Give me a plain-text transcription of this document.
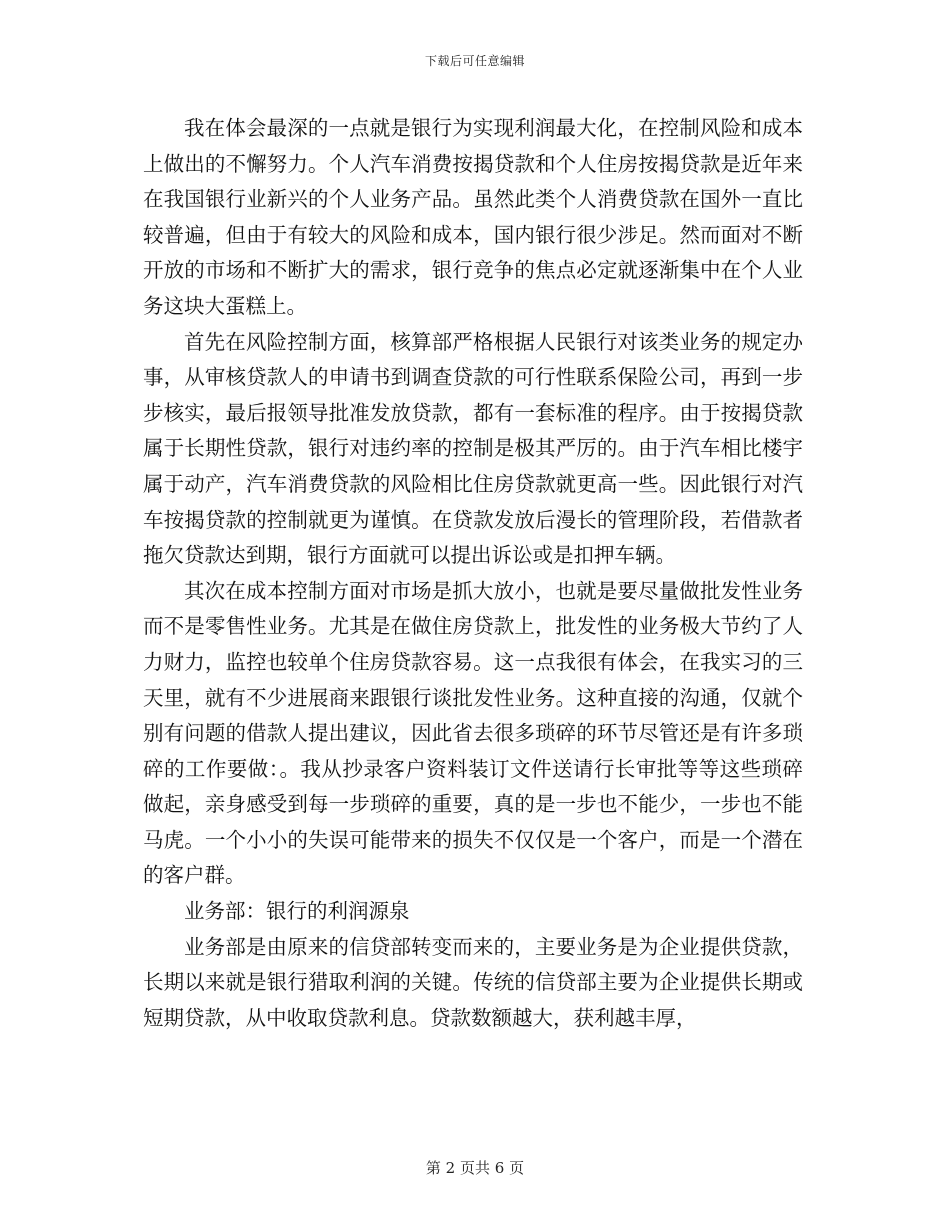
下载后可任意编辑

我在体会最深的一点就是银行为实现利润最大化，在控制风险和成本上做出的不懈努力。个人汽车消费按揭贷款和个人住房按揭贷款是近年来在我国银行业新兴的个人业务产品。虽然此类个人消费贷款在国外一直比较普遍，但由于有较大的风险和成本，国内银行很少涉足。然而面对不断开放的市场和不断扩大的需求，银行竞争的焦点必定就逐渐集中在个人业务这块大蛋糕上。

首先在风险控制方面，核算部严格根据人民银行对该类业务的规定办事，从审核贷款人的申请书到调查贷款的可行性联系保险公司，再到一步步核实，最后报领导批准发放贷款，都有一套标准的程序。由于按揭贷款属于长期性贷款，银行对违约率的控制是极其严厉的。由于汽车相比楼宇属于动产，汽车消费贷款的风险相比住房贷款就更高一些。因此银行对汽车按揭贷款的控制就更为谨慎。在贷款发放后漫长的管理阶段，若借款者拖欠贷款达到期，银行方面就可以提出诉讼或是扣押车辆。

其次在成本控制方面对市场是抓大放小，也就是要尽量做批发性业务而不是零售性业务。尤其是在做住房贷款上，批发性的业务极大节约了人力财力，监控也较单个住房贷款容易。这一点我很有体会，在我实习的三天里，就有不少进展商来跟银行谈批发性业务。这种直接的沟通，仅就个别有问题的借款人提出建议，因此省去很多琐碎的环节尽管还是有许多琐碎的工作要做：。我从抄录客户资料装订文件送请行长审批等等这些琐碎做起，亲身感受到每一步琐碎的重要，真的是一步也不能少，一步也不能马虎。一个小小的失误可能带来的损失不仅仅是一个客户，而是一个潜在的客户群。

业务部：银行的利润源泉

业务部是由原来的信贷部转变而来的，主要业务是为企业提供贷款，长期以来就是银行猎取利润的关键。传统的信贷部主要为企业提供长期或短期贷款，从中收取贷款利息。贷款数额越大，获利越丰厚，

第 2 页共 6 页
